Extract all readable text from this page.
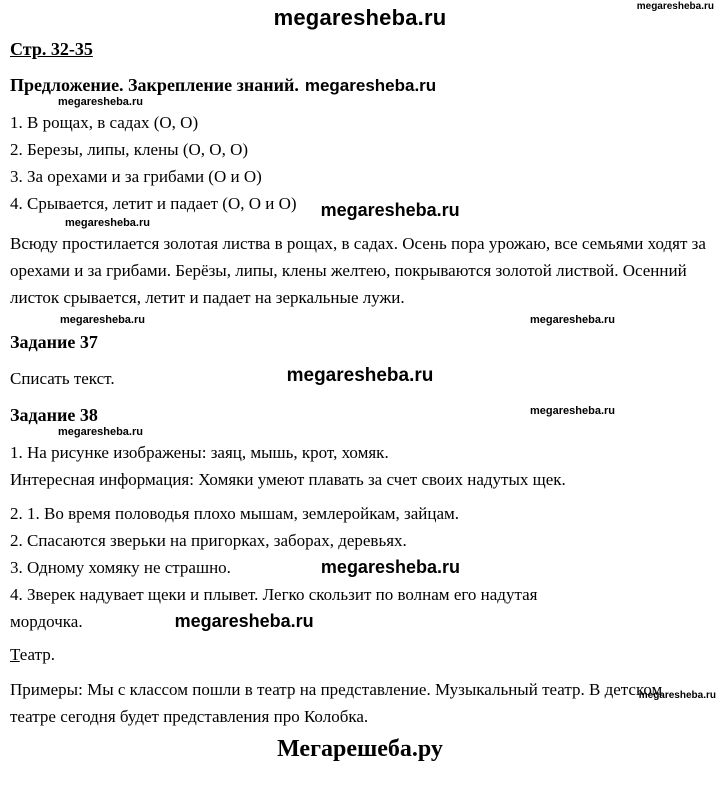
megaresheba.ru
megaresheba.ru
Стр. 32-35
Предложение. Закрепление знаний. megaresheba.ru
megaresheba.ru

1. В рощах, в садах (О, О)

2. Березы, липы, клены (О, О, О)

3. За орехами и за грибами (О и О)

4. Срывается, летит и падает (О, О и О) megaresheba.ru

megaresheba.ru

Всюду простилается золотая листва в рощах, в садах. Осень пора урожаю, все семьями ходят за орехами и за грибами. Берёзы, липы, клены желтею, покрываются золотой листвой. Осенний листок срывается, летит и падает на зеркальные лужи.

megaresheba.ru	megaresheba.ru

Задание 37

Списать текст.	megaresheba.ru
Задание 38	megaresheba.ru
megaresheba.ru

1. На рисунке изображены: заяц, мышь, крот, хомяк.

Интересная информация: Хомяки умеют плавать за счет своих надутых щек.

2. 1. Во время половодья плохо мышам, землеройкам, зайцам.

2. Спасаются зверьки на пригорках, заборах, деревьях.

3. Одному хомяку не страшно.	megaresheba.ru

4. Зверек надувает щеки и плывет. Легко скользит по волнам его надутая мордочка.	megaresheba.ru

Театр.

Примеры: Мы с классом пошли в театр на представление. Музыкальный театр. В детском театре сегодня будет представления про Колобка.

megaresheba.ru
Мегарешеба.ру
